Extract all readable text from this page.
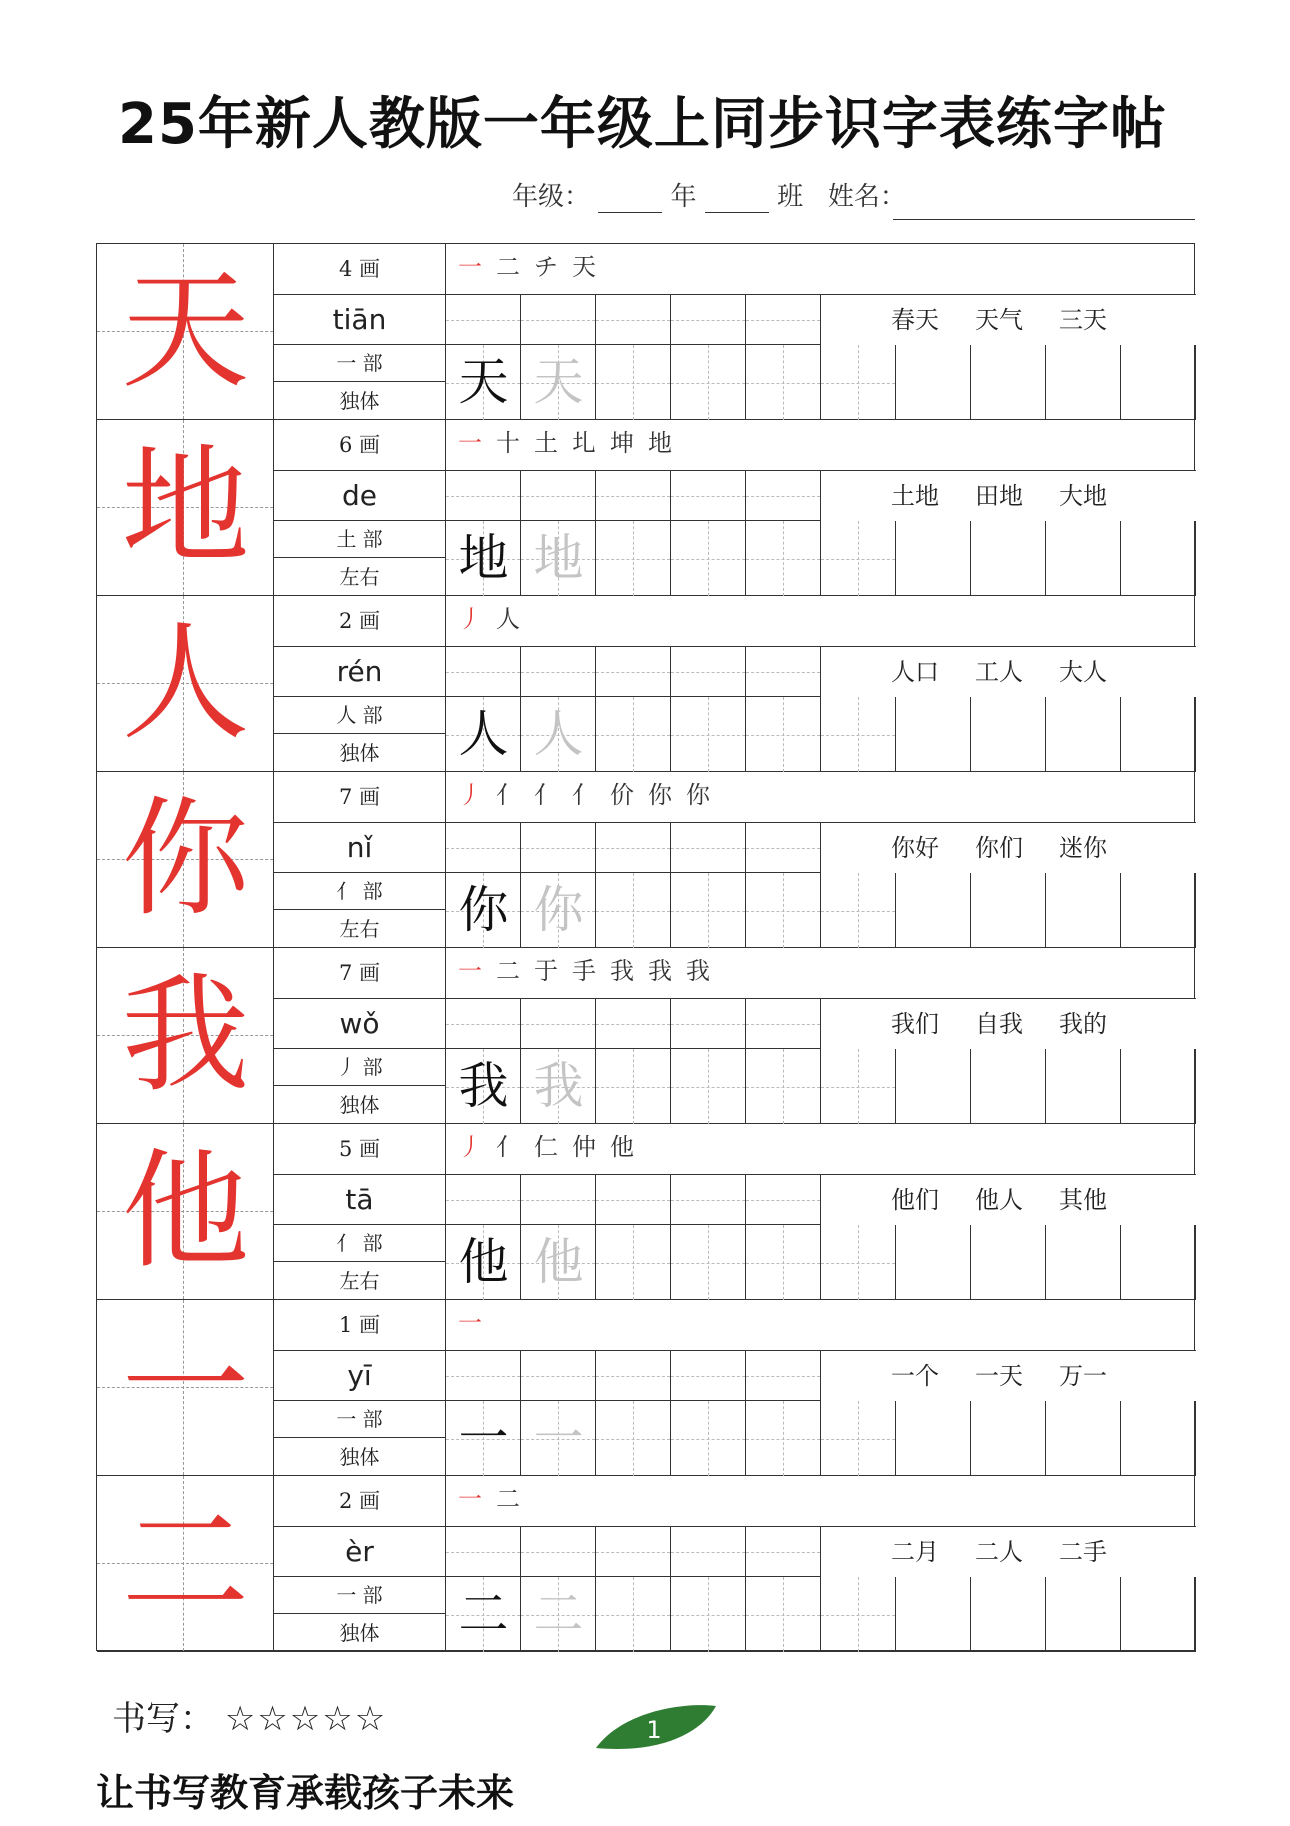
25年新人教版一年级上同步识字表练字帖
年级：	年	班 姓名：
天	4 画
tiān
一 部
独体
一 二 チ 天
春天 天气 三天
天 天
地	6 画
de
土 部
左右
一 十 土 圠 坤 地
土地 田地 大地
地 地
人	2 画
rén
人 部
独体
丿 人
人口 工人 大人
人 人
你	7 画
nǐ
亻 部
左右
丿 亻 亻 亻 价 你 你
你好 你们 迷你
你 你
我	7 画
wǒ
丿 部
独体
一 二 于 手 我 我 我
我们 自我 我的
我 我
他	5 画
tā
亻 部
左右
丿 亻 仁 仲 他
他们 他人 其他
他 他
一	1 画
yī
一 部
独体
一
一个 一天 万一
一 一
二	2 画
èr
一 部
独体
一 二
二月 二人 二手
二 二
书写： ☆☆☆☆☆	1
让书写教育承载孩子未来
